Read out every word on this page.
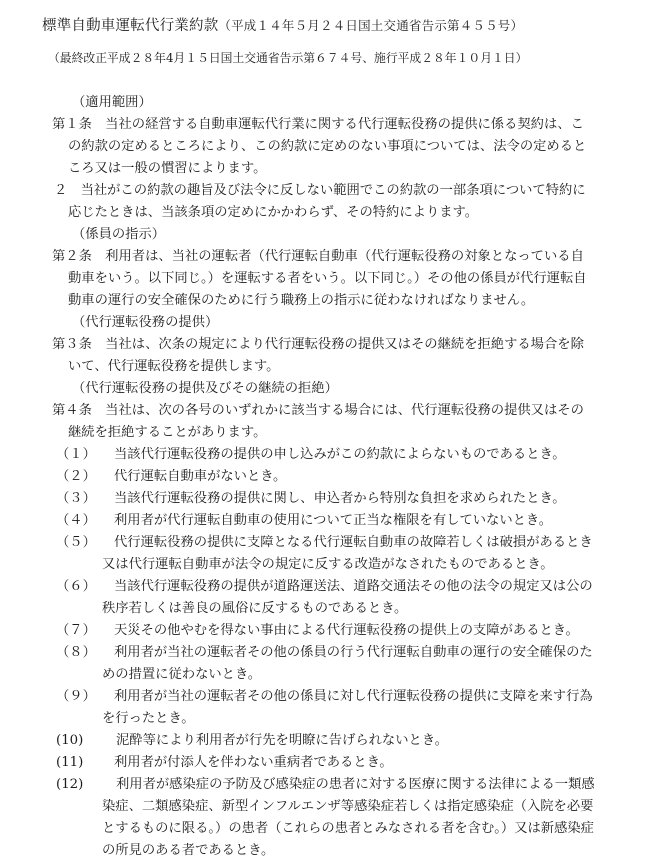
標準自動車運転代行業約款（平成１４年５月２４日国土交通省告示第４５５号）
（最終改正平成２８年4月１５日国土交通省告示第６７４号、施行平成２８年１０月１日）
（適用範囲）
第１条　当社の経営する自動車運転代行業に関する代行運転役務の提供に係る契約は、こ
の約款の定めるところにより、この約款に定めのない事項については、法令の定めると
ころ又は一般の慣習によります。
２　当社がこの約款の趣旨及び法令に反しない範囲でこの約款の一部条項について特約に
応じたときは、当該条項の定めにかかわらず、その特約によります。
（係員の指示）
第２条　利用者は、当社の運転者（代行運転自動車（代行運転役務の対象となっている自
動車をいう。以下同じ。）を運転する者をいう。以下同じ。）その他の係員が代行運転自
動車の運行の安全確保のために行う職務上の指示に従わなければなりません。
（代行運転役務の提供）
第３条　当社は、次条の規定により代行運転役務の提供又はその継続を拒絶する場合を除
いて、代行運転役務を提供します。
（代行運転役務の提供及びその継続の拒絶）
第４条　当社は、次の各号のいずれかに該当する場合には、代行運転役務の提供又はその
継続を拒絶することがあります。
（１） 当該代行運転役務の提供の申し込みがこの約款によらないものであるとき。
（２） 代行運転自動車がないとき。
（３） 当該代行運転役務の提供に関し、申込者から特別な負担を求められたとき。
（４） 利用者が代行運転自動車の使用について正当な権限を有していないとき。
（５） 代行運転役務の提供に支障となる代行運転自動車の故障若しくは破損があるとき
又は代行運転自動車が法令の規定に反する改造がなされたものであるとき。
（６） 当該代行運転役務の提供が道路運送法、道路交通法その他の法令の規定又は公の
秩序若しくは善良の風俗に反するものであるとき。
（７） 天災その他やむを得ない事由による代行運転役務の提供上の支障があるとき。
（８） 利用者が当社の運転者その他の係員の行う代行運転自動車の運行の安全確保のた
めの措置に従わないとき。
（９） 利用者が当社の運転者その他の係員に対し代行運転役務の提供に支障を来す行為
を行ったとき。
(10) 泥酔等により利用者が行先を明瞭に告げられないとき。
(11) 利用者が付添人を伴わない重病者であるとき。
(12) 利用者が感染症の予防及び感染症の患者に対する医療に関する法律による一類感
染症、二類感染症、新型インフルエンザ等感染症若しくは指定感染症（入院を必要
とするものに限る。）の患者（これらの患者とみなされる者を含む。）又は新感染症
の所見のある者であるとき。
